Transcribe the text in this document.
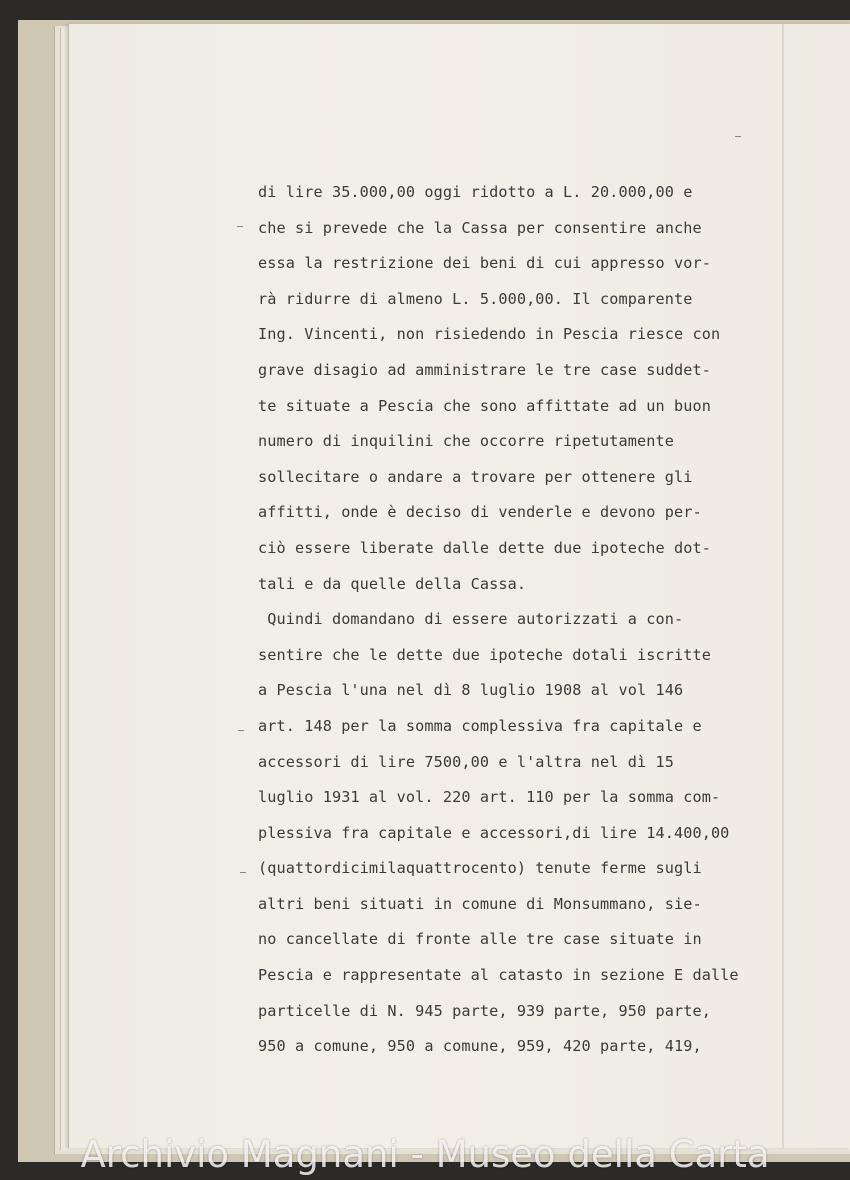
di lire 35.000,00 oggi ridotto a L. 20.000,00 e
che si prevede che la Cassa per consentire anche
essa la restrizione dei beni di cui appresso vor-
rà ridurre di almeno L. 5.000,00. Il comparente
Ing. Vincenti, non risiedendo in Pescia riesce con
grave disagio ad amministrare le tre case suddet-
te situate a Pescia che sono affittate ad un buon
numero di inquilini che occorre ripetutamente
sollecitare o andare a trovare per ottenere gli
affitti, onde è deciso di venderle e devono per-
ciò essere liberate dalle dette due ipoteche dot-
tali e da quelle della Cassa.
Quindi domandano di essere autorizzati a con-
sentire che le dette due ipoteche dotali iscritte
a Pescia l'una nel dì 8 luglio 1908 al vol 146
art. 148 per la somma complessiva fra capitale e
accessori di lire 7500,00 e l'altra nel dì 15
luglio 1931 al vol. 220 art. 110 per la somma com-
plessiva fra capitale e accessori,di lire 14.400,00
(quattordicimilaquattrocento) tenute ferme sugli
altri beni situati in comune di Monsummano, sie-
no cancellate di fronte alle tre case situate in
Pescia e rappresentate al catasto in sezione E dalle
particelle di N. 945 parte, 939 parte, 950 parte,
950 a comune, 950 a comune, 959, 420 parte, 419,
Archivio Magnani - Museo della Carta
